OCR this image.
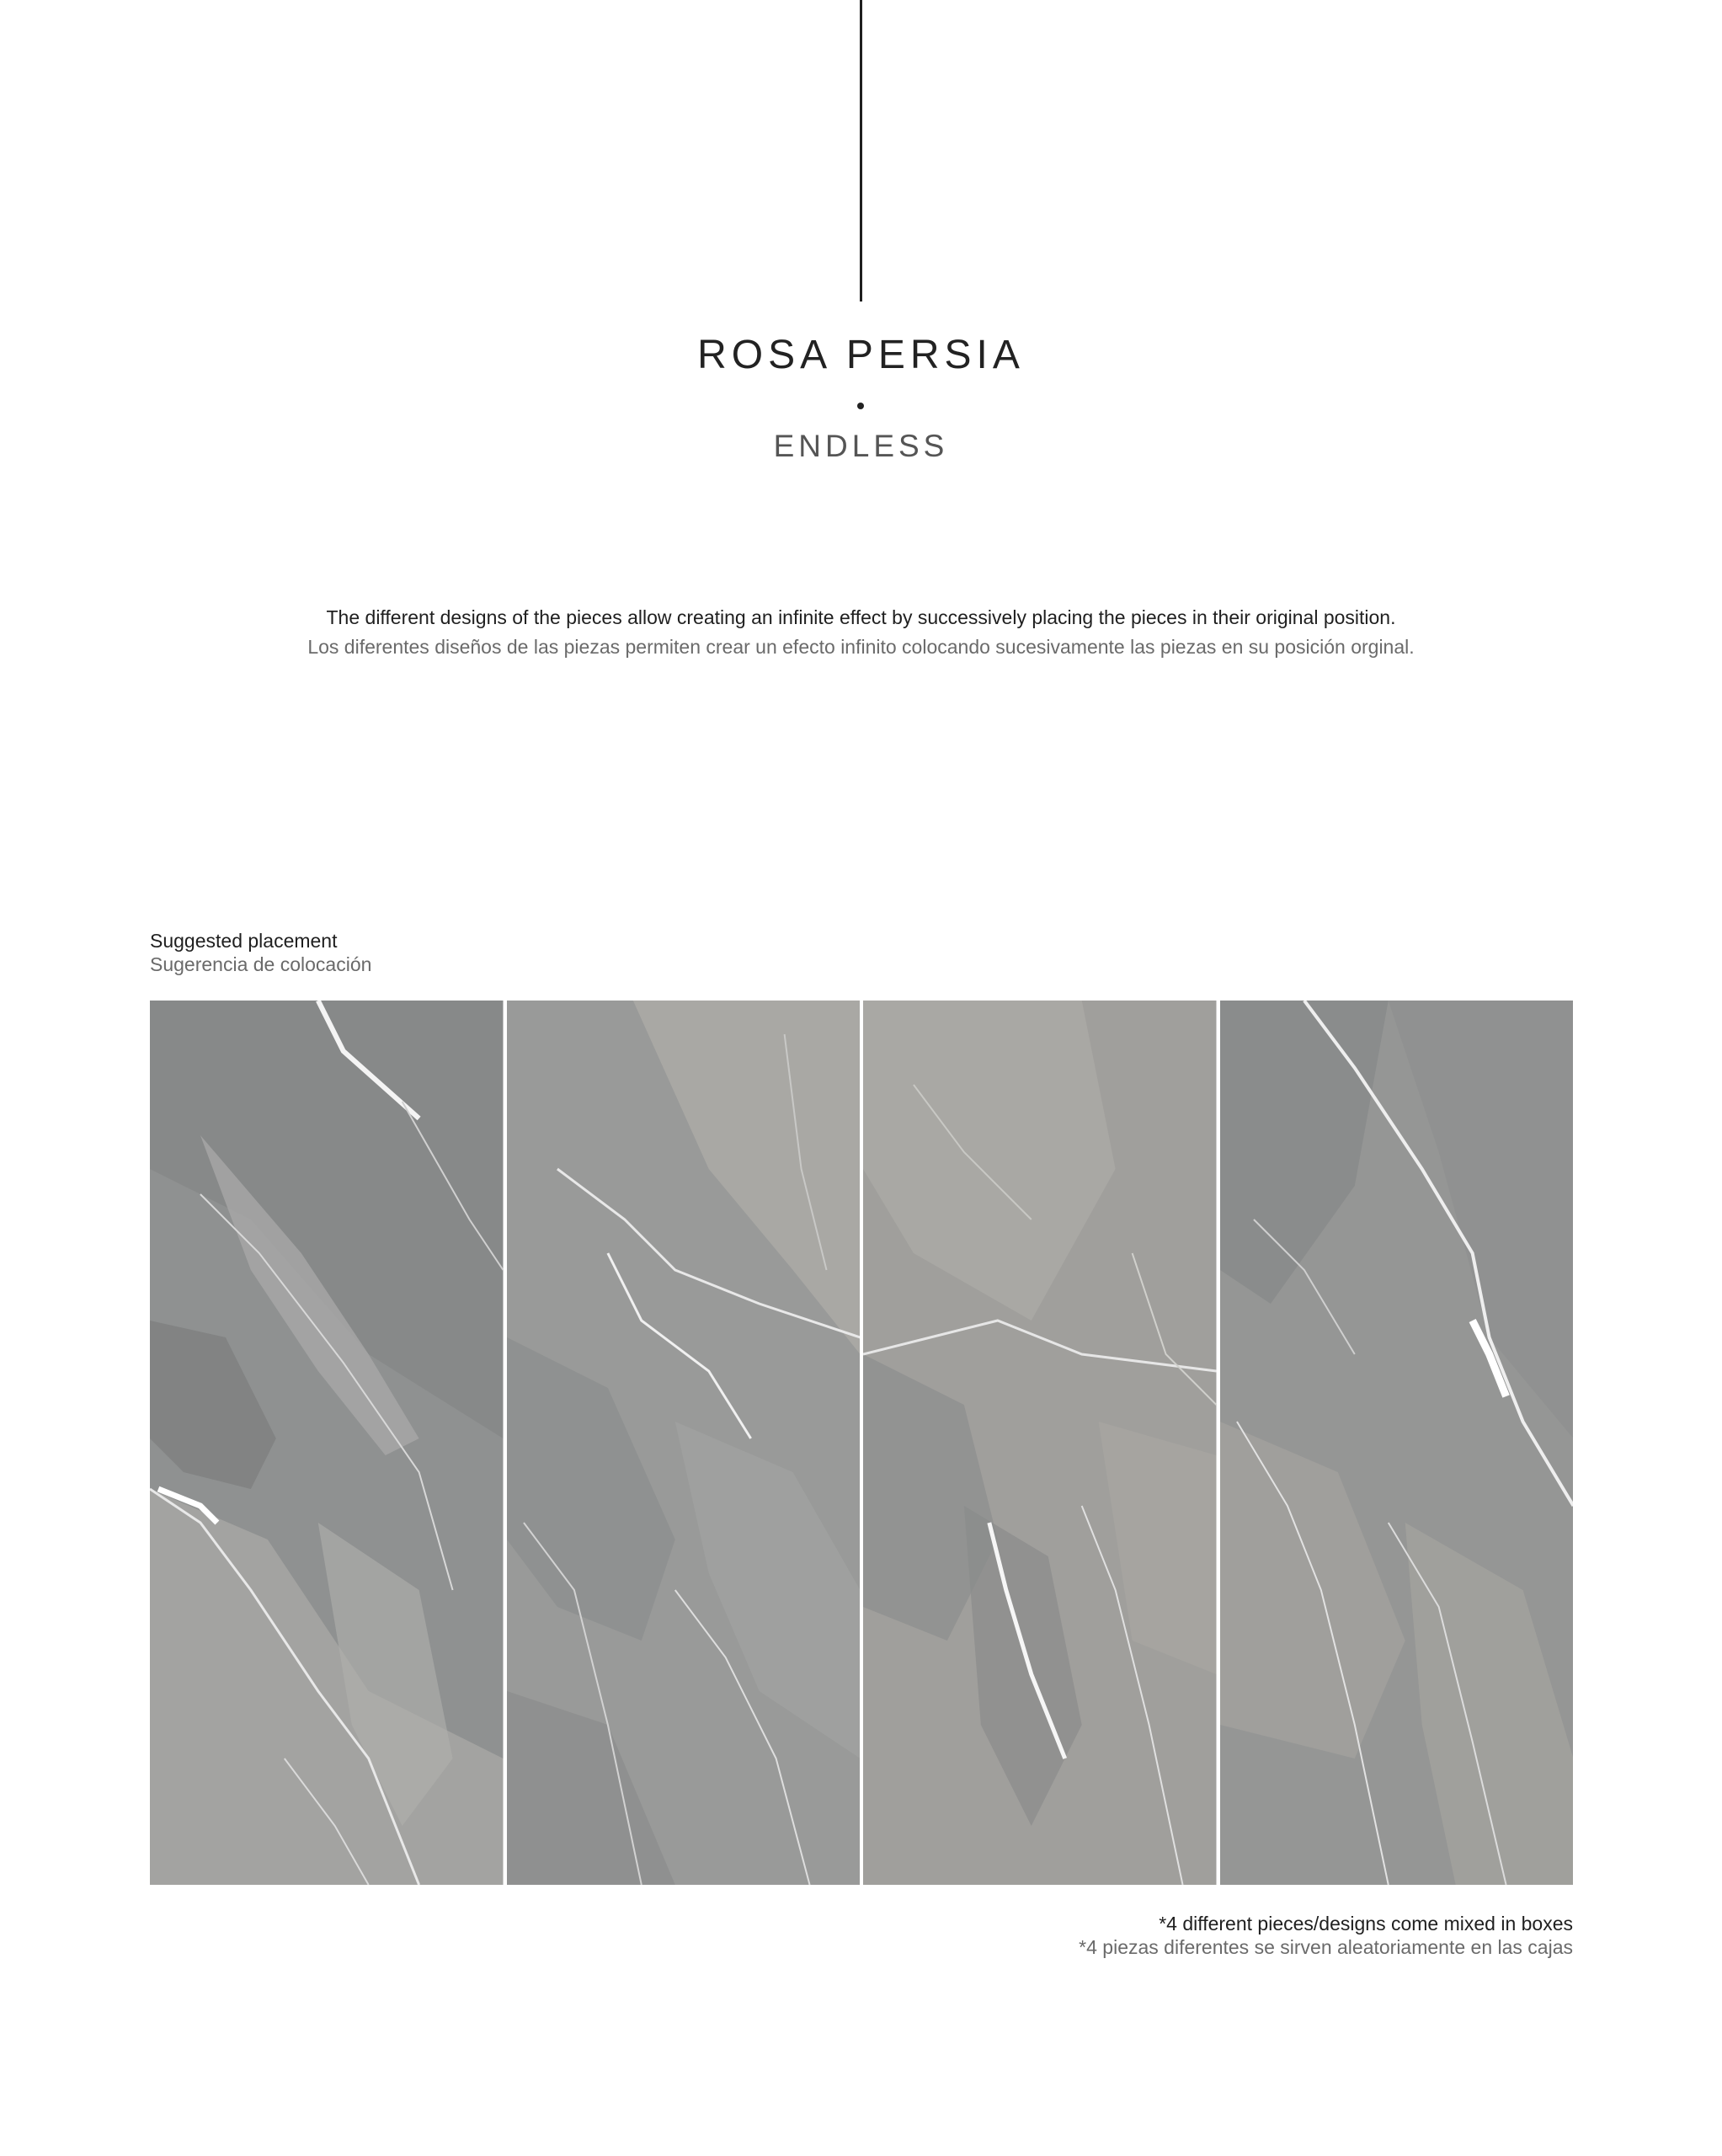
ROSA PERSIA
ENDLESS
The different designs of the pieces allow creating an infinite effect by successively placing the pieces in their original position.
Los diferentes diseños de las piezas permiten crear un efecto infinito colocando sucesivamente las piezas en su posición orginal.
Suggested placement
Sugerencia de colocación
*4 different pieces/designs come mixed in boxes
*4 piezas diferentes se sirven aleatoriamente en las cajas
